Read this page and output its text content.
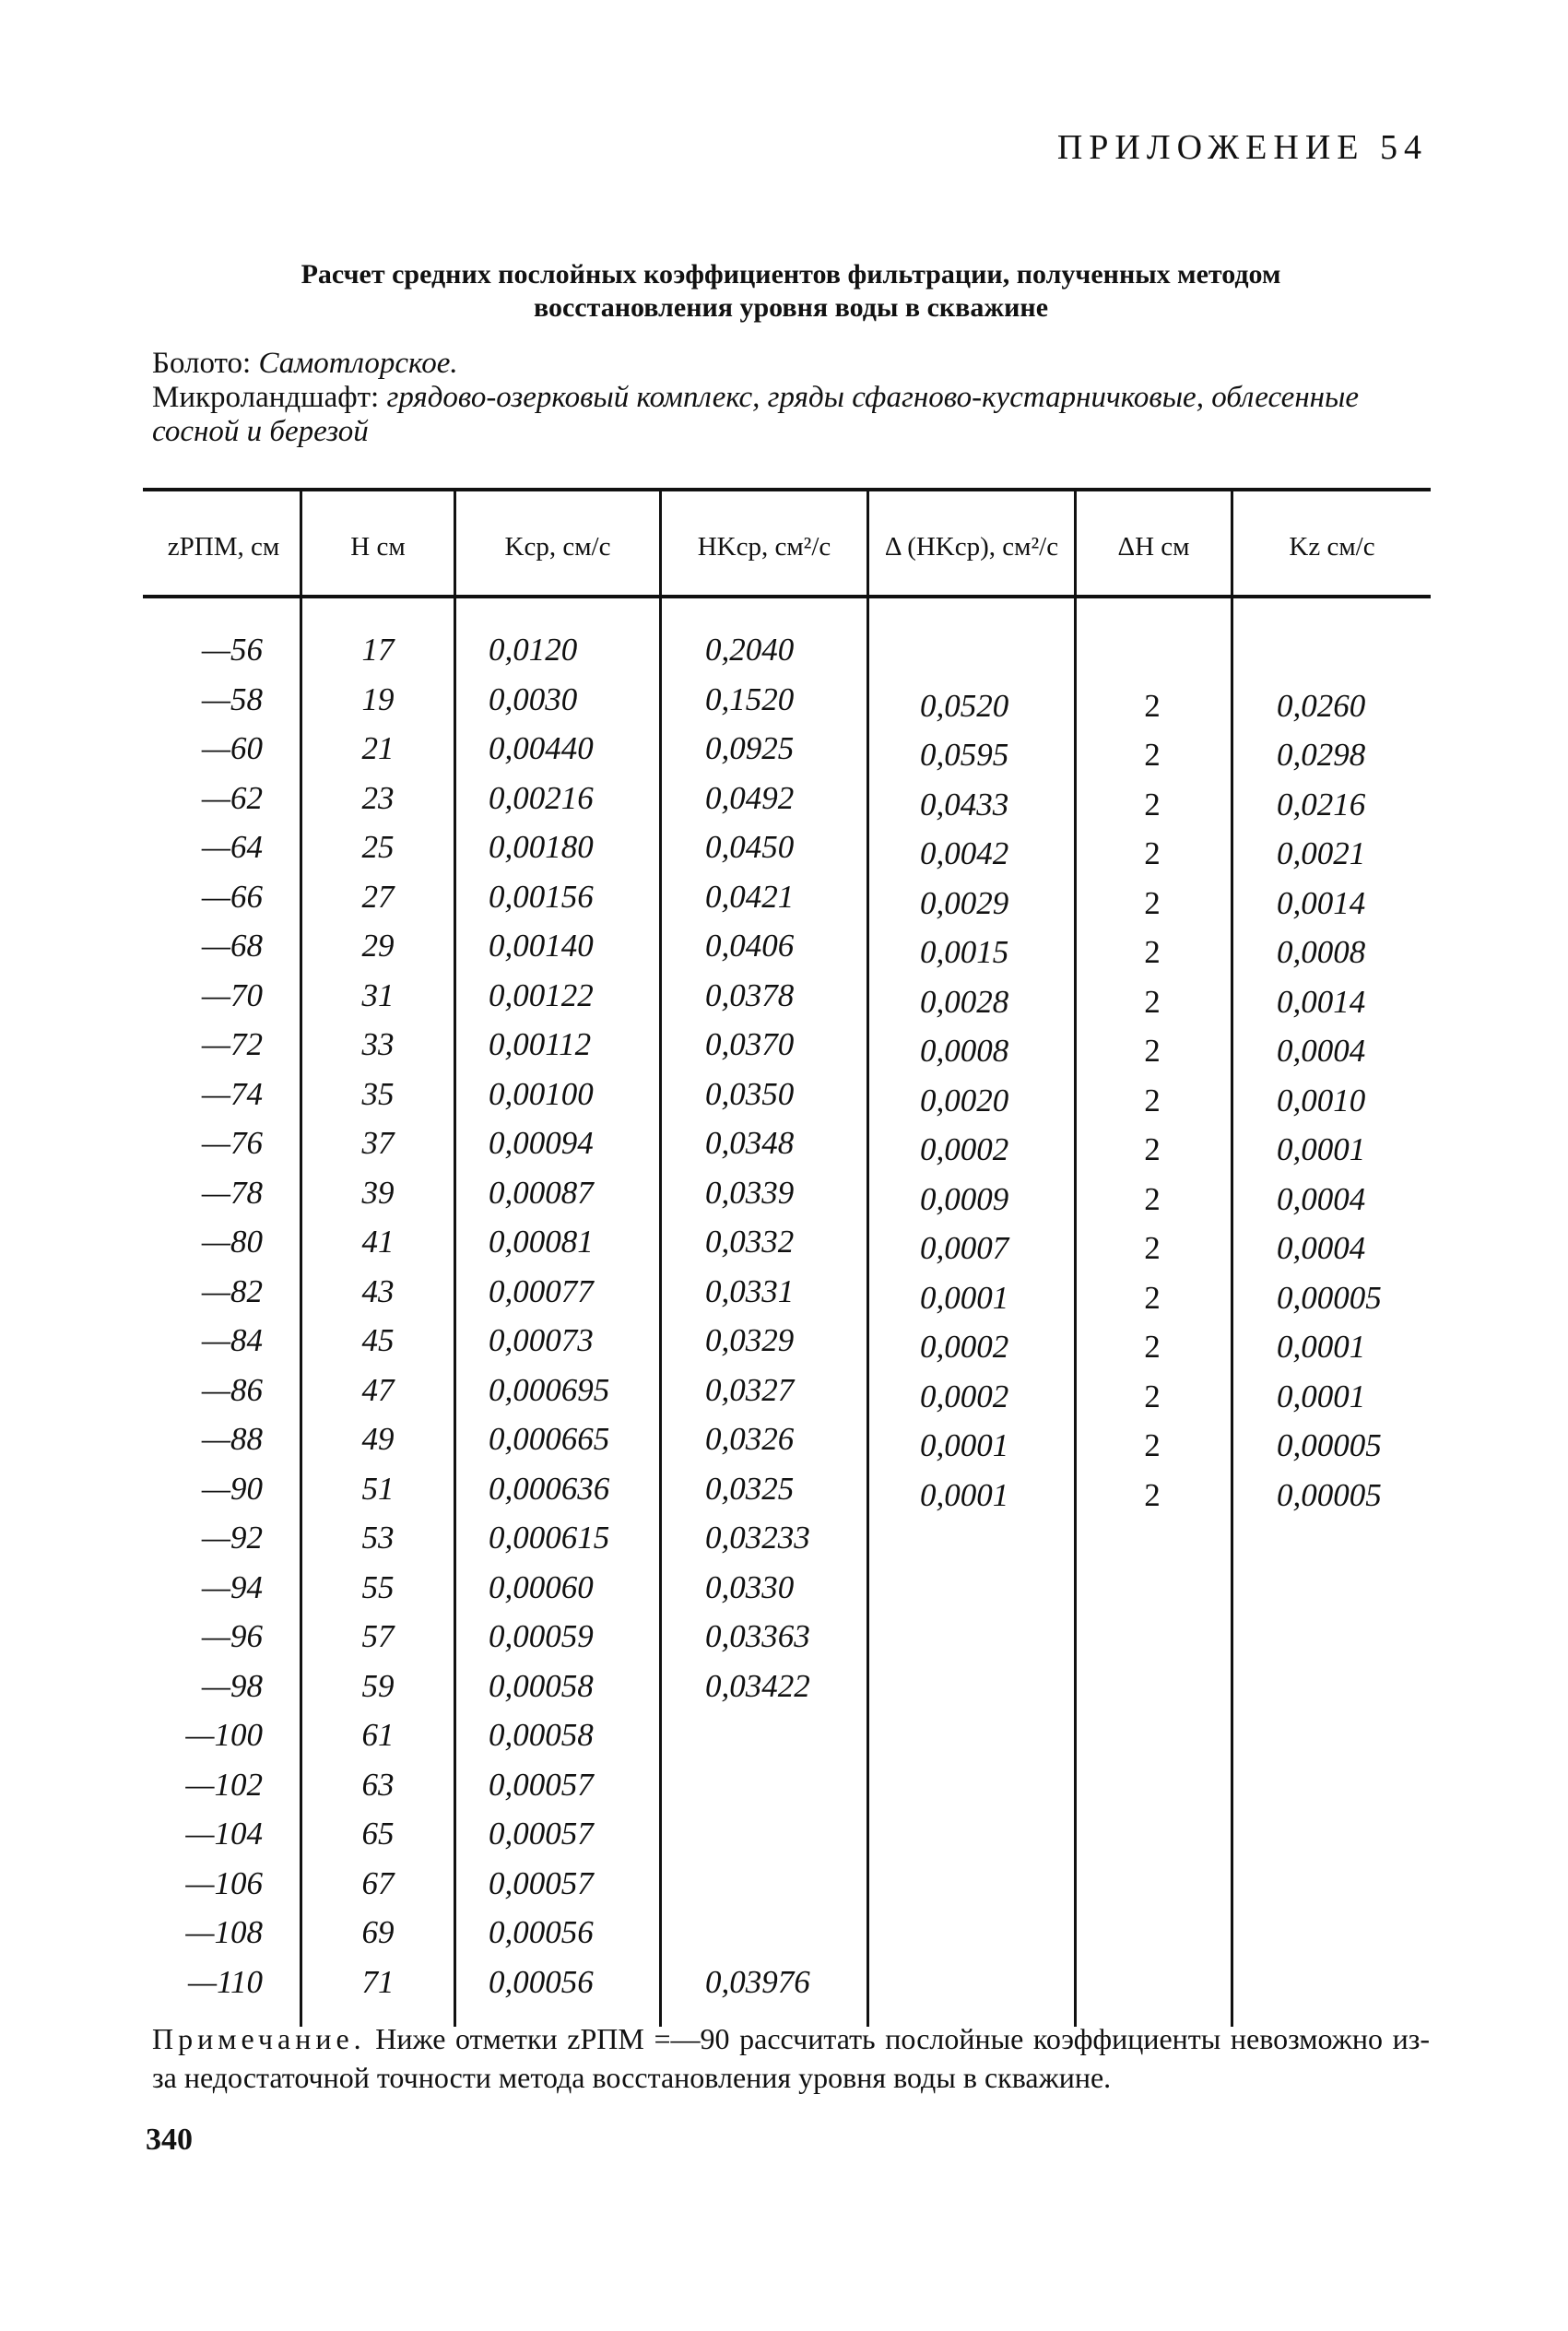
ПРИЛОЖЕНИЕ 54
Расчет средних послойных коэффициентов фильтрации, полученных методом
восстановления уровня воды в скважине
Болото: Самотлорское.
Микроландшафт: грядово-озерковый комплекс, гряды сфагново-кустарничковые, облесенные сосной и березой
zРПМ, см	H см	Kср, см/с	HKср, см²/с	Δ (HKср), см²/с	ΔH см	Kz см/с
—56	17	0,0120	0,2040
—58	19	0,0030	0,1520	0,0520	2	0,0260
—60	21	0,00440	0,0925	0,0595	2	0,0298
—62	23	0,00216	0,0492	0,0433	2	0,0216
—64	25	0,00180	0,0450	0,0042	2	0,0021
—66	27	0,00156	0,0421	0,0029	2	0,0014
—68	29	0,00140	0,0406	0,0015	2	0,0008
—70	31	0,00122	0,0378	0,0028	2	0,0014
—72	33	0,00112	0,0370	0,0008	2	0,0004
—74	35	0,00100	0,0350	0,0020	2	0,0010
—76	37	0,00094	0,0348	0,0002	2	0,0001
—78	39	0,00087	0,0339	0,0009	2	0,0004
—80	41	0,00081	0,0332	0,0007	2	0,0004
—82	43	0,00077	0,0331	0,0001	2	0,00005
—84	45	0,00073	0,0329	0,0002	2	0,0001
—86	47	0,000695	0,0327	0,0002	2	0,0001
—88	49	0,000665	0,0326	0,0001	2	0,00005
—90	51	0,000636	0,0325	0,0001	2	0,00005
—92	53	0,000615	0,03233
—94	55	0,00060	0,0330
—96	57	0,00059	0,03363
—98	59	0,00058	0,03422
—100	61	0,00058
—102	63	0,00057
—104	65	0,00057
—106	67	0,00057
—108	69	0,00056
—110	71	0,00056	0,03976
Примечание. Ниже отметки zРПМ =—90 рассчитать послойные коэффициенты невозможно из-за недостаточной точности метода восстановления уровня воды в скважине.
340
